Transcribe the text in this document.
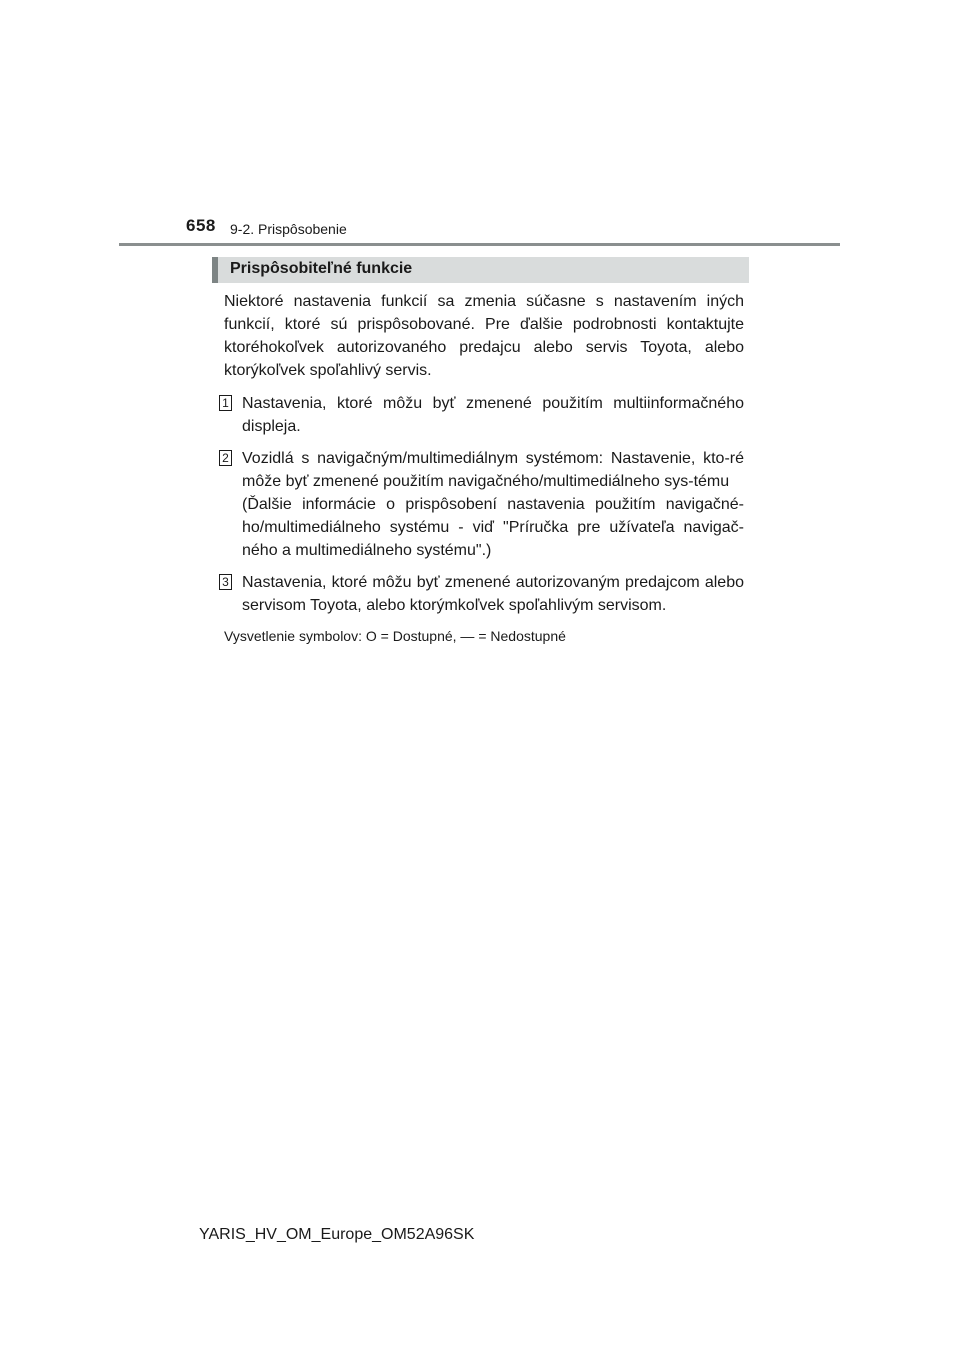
658 9-2. Prispôsobenie
Prispôsobiteľné funkcie

Niektoré nastavenia funkcií sa zmenia súčasne s nastavením iných funkcií, ktoré sú prispôsobované. Pre ďalšie podrobnosti kontaktujte ktoréhokoľvek autorizovaného predajcu alebo servis Toyota, alebo ktorýkoľvek spoľahlivý servis.

1 Nastavenia, ktoré môžu byť zmenené použitím multiinformačného displeja.
2 Vozidlá s navigačným/multimediálnym systémom: Nastavenie, kto-ré môže byť zmenené použitím navigačného/multimediálneho sys-tému
(Ďalšie informácie o prispôsobení nastavenia použitím navigačné-ho/multimediálneho systému - viď "Príručka pre užívateľa navigač-ného a multimediálneho systému".)
3 Nastavenia, ktoré môžu byť zmenené autorizovaným predajcom alebo servisom Toyota, alebo ktorýmkoľvek spoľahlivým servisom.
Vysvetlenie symbolov: O = Dostupné, — = Nedostupné
YARIS_HV_OM_Europe_OM52A96SK
